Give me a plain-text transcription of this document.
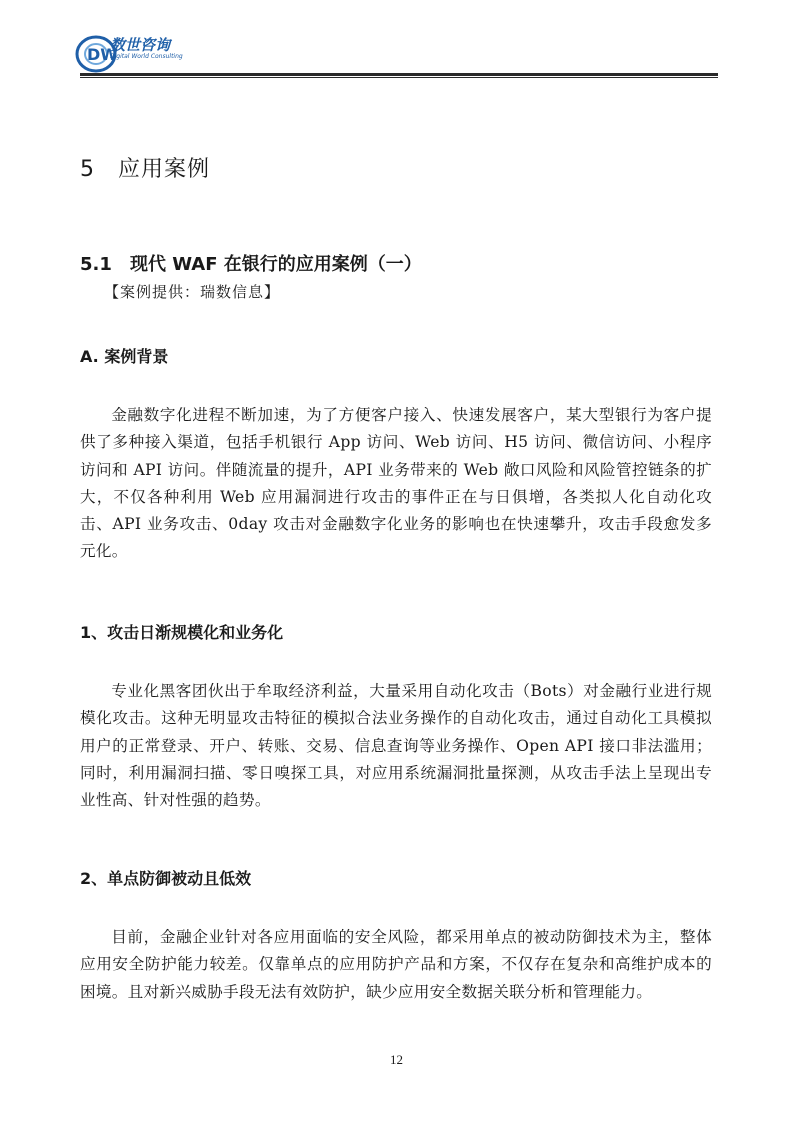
DW
数世咨询
Digital World Consulting
5 应用案例
5.1 现代 WAF 在银行的应用案例（一）
【案例提供：瑞数信息】
A. 案例背景

金融数字化进程不断加速，为了方便客户接入、快速发展客户，某大型银行为客户提供了多种接入渠道，包括手机银行 App 访问、Web 访问、H5 访问、微信访问、小程序访问和 API 访问。伴随流量的提升，API 业务带来的 Web 敞口风险和风险管控链条的扩大，不仅各种利用 Web 应用漏洞进行攻击的事件正在与日俱增，各类拟人化自动化攻击、API 业务攻击、0day 攻击对金融数字化业务的影响也在快速攀升，攻击手段愈发多元化。

1、攻击日渐规模化和业务化

专业化黑客团伙出于牟取经济利益，大量采用自动化攻击（Bots）对金融行业进行规模化攻击。这种无明显攻击特征的模拟合法业务操作的自动化攻击，通过自动化工具模拟用户的正常登录、开户、转账、交易、信息查询等业务操作、Open API 接口非法滥用；同时，利用漏洞扫描、零日嗅探工具，对应用系统漏洞批量探测，从攻击手法上呈现出专业性高、针对性强的趋势。

2、单点防御被动且低效

目前，金融企业针对各应用面临的安全风险，都采用单点的被动防御技术为主，整体应用安全防护能力较差。仅靠单点的应用防护产品和方案，不仅存在复杂和高维护成本的困境。且对新兴威胁手段无法有效防护，缺少应用安全数据关联分析和管理能力。

12
